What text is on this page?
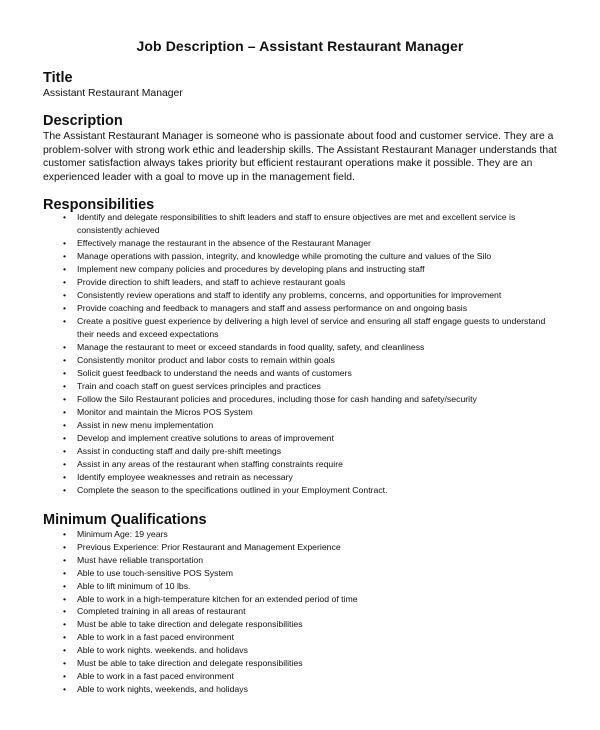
Job Description – Assistant Restaurant Manager
Title
Assistant Restaurant Manager
Description
The Assistant Restaurant Manager is someone who is passionate about food and customer service. They are a problem-solver with strong work ethic and leadership skills. The Assistant Restaurant Manager understands that customer satisfaction always takes priority but efficient restaurant operations make it possible. They are an experienced leader with a goal to move up in the management field.
Responsibilities
• Identify and delegate responsibilities to shift leaders and staff to ensure objectives are met and excellent service is consistently achieved
• Effectively manage the restaurant in the absence of the Restaurant Manager
• Manage operations with passion, integrity, and knowledge while promoting the culture and values of the Silo
• Implement new company policies and procedures by developing plans and instructing staff
• Provide direction to shift leaders, and staff to achieve restaurant goals
• Consistently review operations and staff to identify any problems, concerns, and opportunities for improvement
• Provide coaching and feedback to managers and staff and assess performance on and ongoing basis
• Create a positive guest experience by delivering a high level of service and ensuring all staff engage guests to understand their needs and exceed expectations
• Manage the restaurant to meet or exceed standards in food quality, safety, and cleanliness
• Consistently monitor product and labor costs to remain within goals
• Solicit guest feedback to understand the needs and wants of customers
• Train and coach staff on guest services principles and practices
• Follow the Silo Restaurant policies and procedures, including those for cash handing and safety/security
• Monitor and maintain the Micros POS System
• Assist in new menu implementation
• Develop and implement creative solutions to areas of improvement
• Assist in conducting staff and daily pre-shift meetings
• Assist in any areas of the restaurant when staffing constraints require
• Identify employee weaknesses and retrain as necessary
• Complete the season to the specifications outlined in your Employment Contract.
Minimum Qualifications
• Minimum Age: 19 years
• Previous Experience: Prior Restaurant and Management Experience
• Must have reliable transportation
• Able to use touch-sensitive POS System
• Able to lift minimum of 10 lbs.
• Able to work in a high-temperature kitchen for an extended period of time
• Completed training in all areas of restaurant
• Must be able to take direction and delegate responsibilities
• Able to work in a fast paced environment
• Able to work nights. weekends. and holidavs
• Must be able to take direction and delegate responsibilities
• Able to work in a fast paced environment
• Able to work nights, weekends, and holidays
